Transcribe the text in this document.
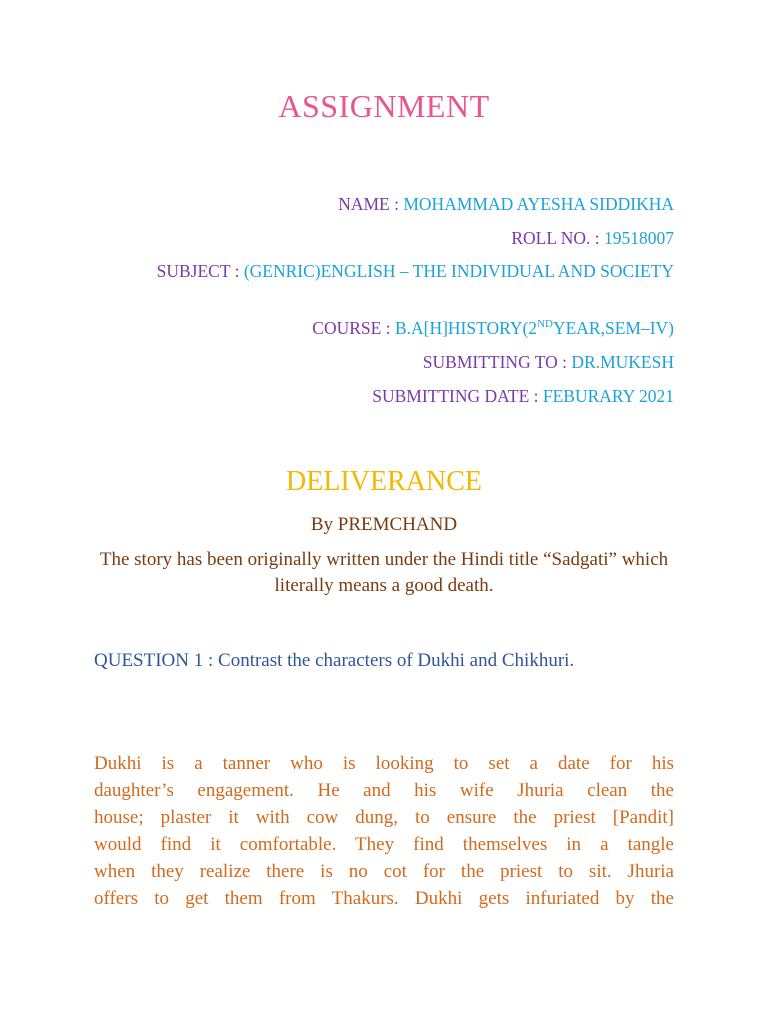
ASSIGNMENT
NAME : MOHAMMAD AYESHA SIDDIKHA
ROLL NO. : 19518007
SUBJECT : (GENRIC)ENGLISH – THE INDIVIDUAL AND SOCIETY
COURSE : B.A[H]HISTORY(2NDYEAR,SEM–IV)
SUBMITTING TO : DR.MUKESH
SUBMITTING DATE : FEBURARY 2021
DELIVERANCE
By PREMCHAND
The story has been originally written under the Hindi title “Sadgati” which literally means a good death.
QUESTION 1 : Contrast the characters of Dukhi and Chikhuri.
Dukhi is a tanner who is looking to set a date for his
daughter’s engagement. He and his wife Jhuria clean the
house; plaster it with cow dung, to ensure the priest [Pandit]
would find it comfortable. They find themselves in a tangle
when they realize there is no cot for the priest to sit. Jhuria
offers to get them from Thakurs. Dukhi gets infuriated by the
